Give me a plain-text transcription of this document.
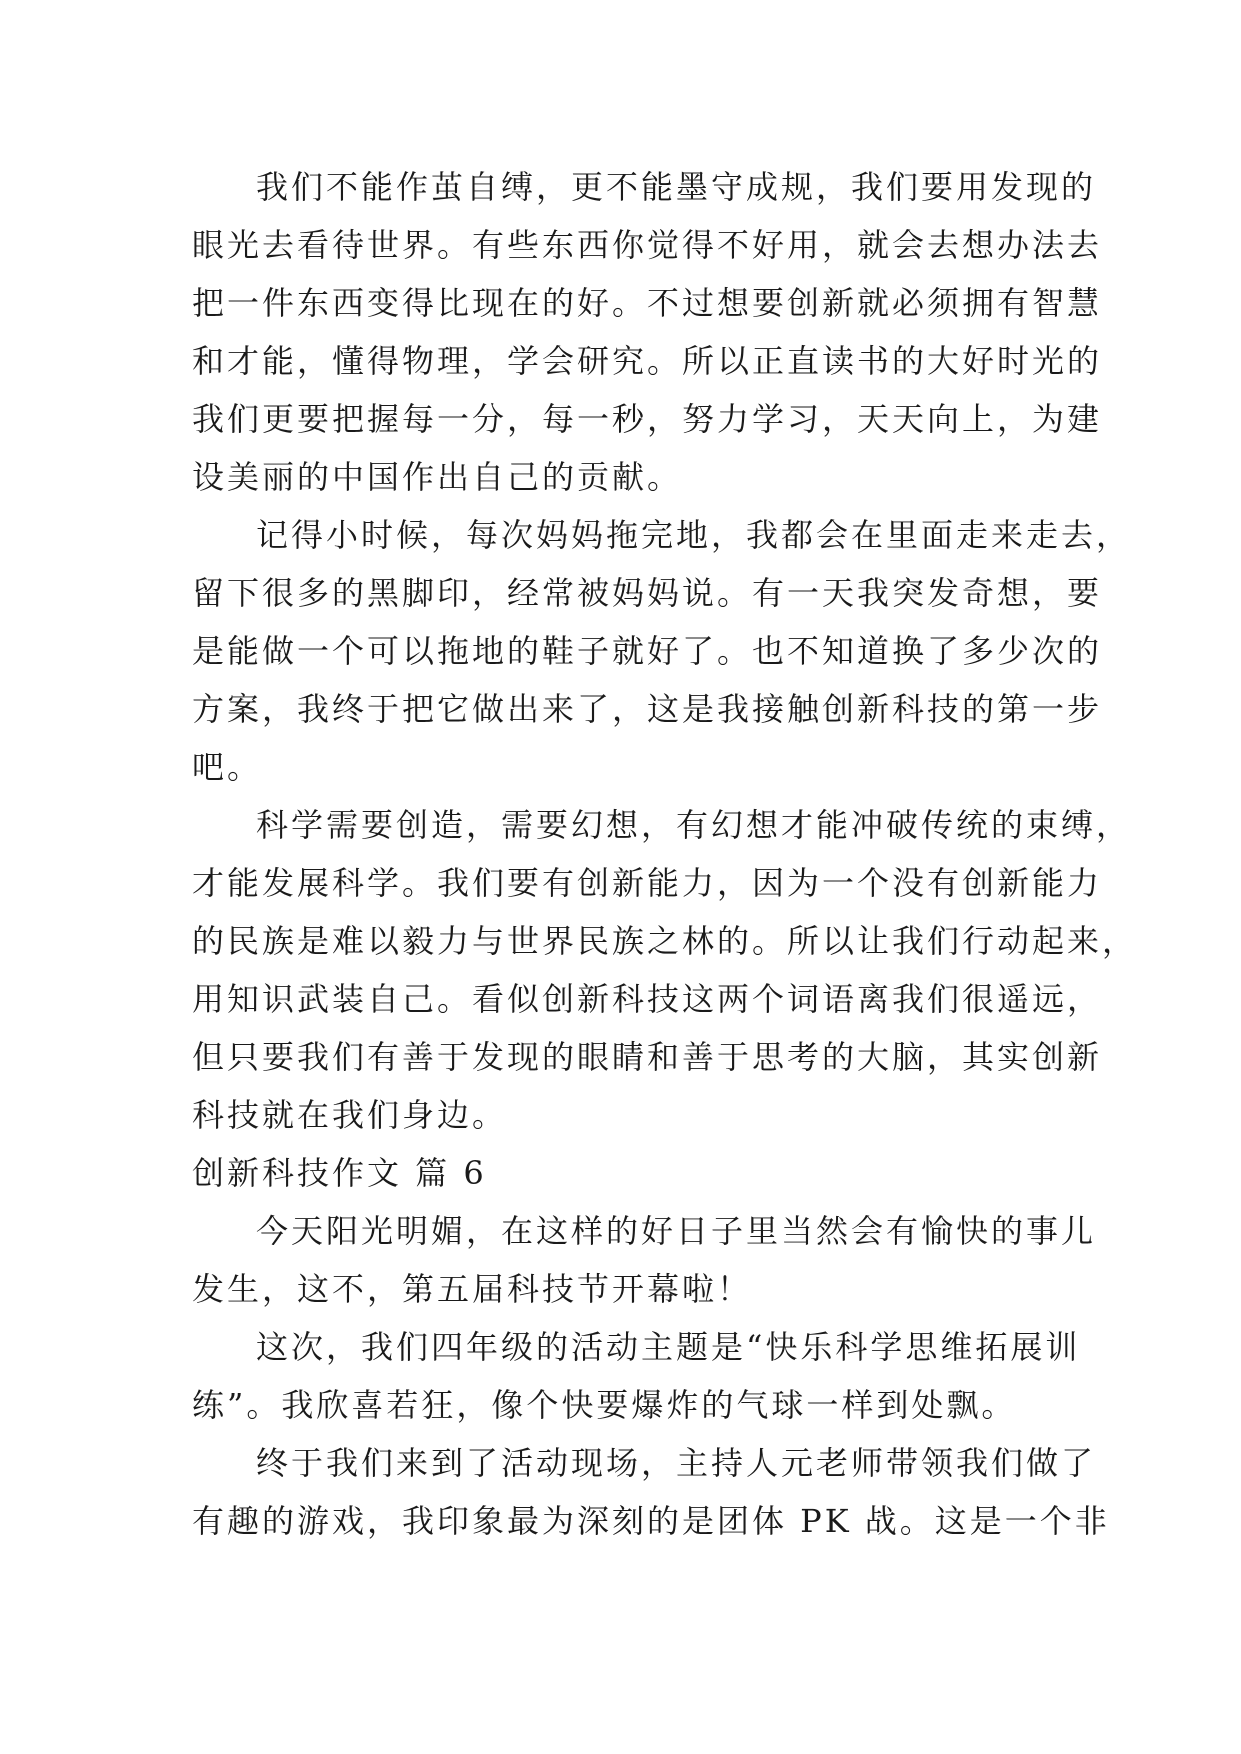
我们不能作茧自缚，更不能墨守成规，我们要用发现的
眼光去看待世界。有些东西你觉得不好用，就会去想办法去
把一件东西变得比现在的好。不过想要创新就必须拥有智慧
和才能，懂得物理，学会研究。所以正直读书的大好时光的
我们更要把握每一分，每一秒，努力学习，天天向上，为建
设美丽的中国作出自己的贡献。
记得小时候，每次妈妈拖完地，我都会在里面走来走去，
留下很多的黑脚印，经常被妈妈说。有一天我突发奇想，要
是能做一个可以拖地的鞋子就好了。也不知道换了多少次的
方案，我终于把它做出来了，这是我接触创新科技的第一步
吧。
科学需要创造，需要幻想，有幻想才能冲破传统的束缚，
才能发展科学。我们要有创新能力，因为一个没有创新能力
的民族是难以毅力与世界民族之林的。所以让我们行动起来，
用知识武装自己。看似创新科技这两个词语离我们很遥远，
但只要我们有善于发现的眼睛和善于思考的大脑，其实创新
科技就在我们身边。
创新科技作文 篇 6
今天阳光明媚，在这样的好日子里当然会有愉快的事儿
发生，这不，第五届科技节开幕啦！
这次，我们四年级的活动主题是“快乐科学思维拓展训
练”。我欣喜若狂，像个快要爆炸的气球一样到处飘。
终于我们来到了活动现场，主持人元老师带领我们做了
有趣的游戏，我印象最为深刻的是团体 PK 战。这是一个非
